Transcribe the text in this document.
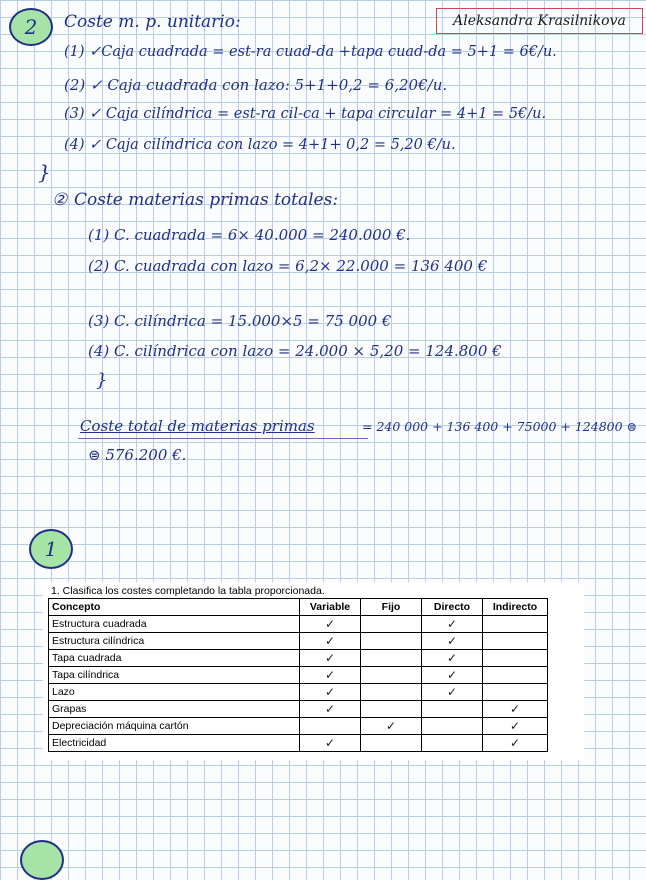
2 Coste m. p. unitario:	Aleksandra Krasilnikova
(1) ✓Caja cuadrada = est-ra cuad-da +tapa cuad-da = 5+1 = 6€/u.
(2) ✓ Caja cuadrada con lazo: 5+1+0,2 = 6,20€/u.
(3) ✓ Caja cilíndrica = est-ra cil-ca + tapa circular = 4+1 = 5€/u.
(4) ✓ Caja cilíndrica con lazo = 4+1+ 0,2 = 5,20 €/u.
}
② Coste materias primas totales:
(1) C. cuadrada = 6× 40.000 = 240.000 €.
(2) C. cuadrada con lazo = 6,2× 22.000 = 136 400 €
(3) C. cilíndrica = 15.000×5 = 75 000 €
(4) C. cilíndrica con lazo = 24.000 × 5,20 = 124.800 €
}
Coste total de materias primas	= 240 000 + 136 400 + 75000 + 124800 ⊜
⊜ 576.200 €.
1
1. Clasifica los costes completando la tabla proporcionada.
Concepto	Variable	Fijo	Directo	Indirecto
Estructura cuadrada	✓		✓	
Estructura cilíndrica	✓		✓	
Tapa cuadrada	✓		✓	
Tapa cilíndrica	✓		✓	
Lazo	✓		✓	
Grapas	✓			✓
Depreciación máquina cartón		✓		✓
Electricidad	✓			✓
